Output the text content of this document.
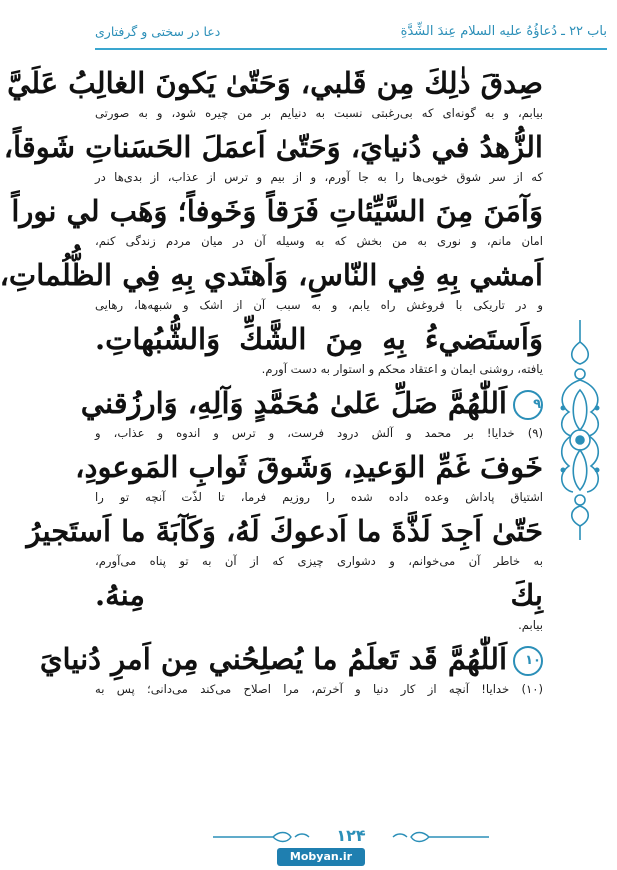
باب ۲۲ ـ دُعاؤُهُ عليه السلام عِندَ الشِّدَّةِ
دعا در سختی و گرفتاری
صِدقَ ذٰلِكَ مِن قَلبي، وَحَتّىٰ يَكونَ الغالِبُ عَلَيَّ
بیابم، و به گونه‌ای که بی‌رغبتی نسبت به دنیایم بر من چیره شود، و به صورتی
الزُّهدُ في دُنيايَ، وَحَتّىٰ اَعمَلَ الحَسَناتِ شَوقاً،
که از سر شوق خوبی‌ها را به جا آورم، و از بیم و ترس از عذاب، از بدی‌ها در
وَآمَنَ مِنَ السَّيِّئاتِ فَرَقاً وَخَوفاً؛ وَهَب لي نوراً
امان مانم، و نوری به من بخش که به وسیله آن در میان مردم زندگی کنم،
اَمشي بِهِ فِي النّاسِ، وَاَهتَدي بِهِ فِي الظُّلُماتِ،
و در تاریکی با فروغش راه یابم، و به سبب آن از اشک و شبهه‌ها، رهایی
وَاَستَضيءُ بِهِ مِنَ الشَّكِّ وَالشُّبُهاتِ.
یافته، روشنی ایمان و اعتقاد محکم و استوار به دست آورم.
۹اَللّٰهُمَّ صَلِّ عَلىٰ مُحَمَّدٍ وَآلِهِ، وَارزُقني
(۹) خدایا! بر محمد و آلش درود فرست، و ترس و اندوه و عذاب، و
خَوفَ غَمِّ الوَعيدِ، وَشَوقَ ثَوابِ المَوعودِ،
اشتیاق پاداش وعده داده شده را روزیم فرما، تا لذّت آنچه تو را
حَتّىٰ اَجِدَ لَذَّةَ ما اَدعوكَ لَهُ، وَكَآبَةَ ما اَستَجيرُ
به خاطر آن می‌خوانم، و دشواری چیزی که از آن به تو پناه می‌آورم،
بِكَ مِنهُ.
بیابم.
۱۰اَللّٰهُمَّ قَد تَعلَمُ ما يُصلِحُني مِن اَمرِ دُنيايَ
(۱۰) خدایا! آنچه از کار دنیا و آخرتم، مرا اصلاح می‌کند می‌دانی؛ پس به
۱۲۴
Mobyan.ir
